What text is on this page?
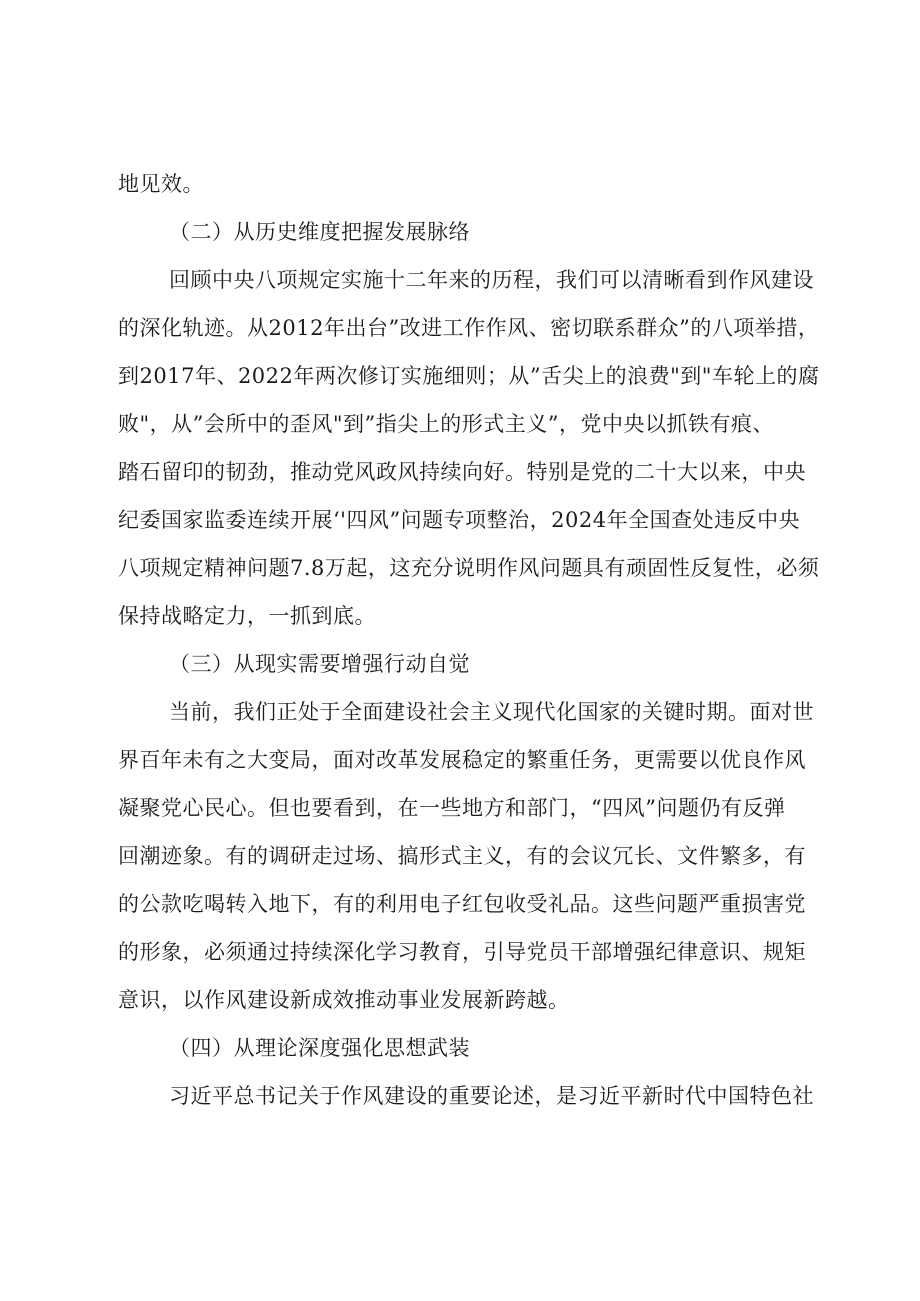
地见效。
（二）从历史维度把握发展脉络
回顾中央八项规定实施十二年来的历程，我们可以清晰看到作风建设
的深化轨迹。从2012年出台”改进工作作风、密切联系群众”的八项举措，
到2017年、2022年两次修订实施细则；从”舌尖上的浪费"到"车轮上的腐
败"，从”会所中的歪风"到”指尖上的形式主义”，党中央以抓铁有痕、
踏石留印的韧劲，推动党风政风持续向好。特别是党的二十大以来，中央
纪委国家监委连续开展‘'四风”问题专项整治，2024年全国查处违反中央
八项规定精神问题7.8万起，这充分说明作风问题具有顽固性反复性，必须
保持战略定力，一抓到底。
（三）从现实需要增强行动自觉
当前，我们正处于全面建设社会主义现代化国家的关键时期。面对世
界百年未有之大变局，面对改革发展稳定的繁重任务，更需要以优良作风
凝聚党心民心。但也要看到，在一些地方和部门，“四风”问题仍有反弹
回潮迹象。有的调研走过场、搞形式主义，有的会议冗长、文件繁多，有
的公款吃喝转入地下，有的利用电子红包收受礼品。这些问题严重损害党
的形象，必须通过持续深化学习教育，引导党员干部增强纪律意识、规矩
意识，以作风建设新成效推动事业发展新跨越。
（四）从理论深度强化思想武装
习近平总书记关于作风建设的重要论述，是习近平新时代中国特色社
